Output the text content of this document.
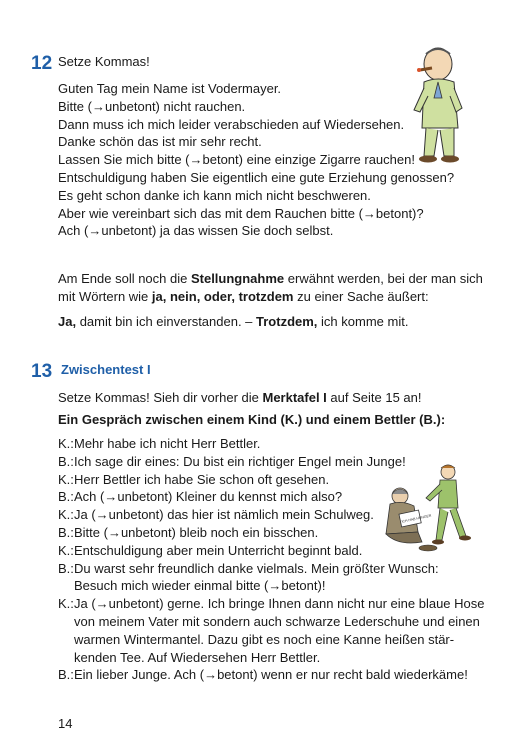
12 Setze Kommas!
Guten Tag mein Name ist Vodermayer.
Bitte (→unbetont) nicht rauchen.
Dann muss ich mich leider verabschieden auf Wiedersehen.
Danke schön das ist mir sehr recht.
Lassen Sie mich bitte (→betont) eine einzige Zigarre rauchen!
Entschuldigung haben Sie eigentlich eine gute Erziehung genossen?
Es geht schon danke ich kann mich nicht beschweren.
Aber wie vereinbart sich das mit dem Rauchen bitte (→betont)?
Ach (→unbetont) ja das wissen Sie doch selbst.
Am Ende soll noch die Stellungnahme erwähnt werden, bei der man sich
mit Wörtern wie ja, nein, oder, trotzdem zu einer Sache äußert:
Ja, damit bin ich einverstanden. – Trotzdem, ich komme mit.
13 Zwischentest I
Setze Kommas! Sieh dir vorher die Merktafel I auf Seite 15 an!
Ein Gespräch zwischen einem Kind (K.) und einem Bettler (B.):
K.:Mehr habe ich nicht Herr Bettler.
B.:Ich sage dir eines: Du bist ein richtiger Engel mein Junge!
K.:Herr Bettler ich habe Sie schon oft gesehen.
B.:Ach (→unbetont) Kleiner du kennst mich also?
K.:Ja (→unbetont) das hier ist nämlich mein Schulweg.
B.:Bitte (→unbetont) bleib noch ein bisschen.
K.:Entschuldigung aber mein Unterricht beginnt bald.
B.:Du warst sehr freundlich danke vielmals. Mein größter Wunsch:
Besuch mich wieder einmal bitte (→betont)!
K.:Ja (→unbetont) gerne. Ich bringe Ihnen dann nicht nur eine blaue Hose
von meinem Vater mit sondern auch schwarze Lederschuhe und einen
warmen Wintermantel. Dazu gibt es noch eine Kanne heißen stär-
kenden Tee. Auf Wiedersehen Herr Bettler.
B.:Ein lieber Junge. Ach (→betont) wenn er nur recht bald wiederkäme!
ICH HAB HUNGER
14
